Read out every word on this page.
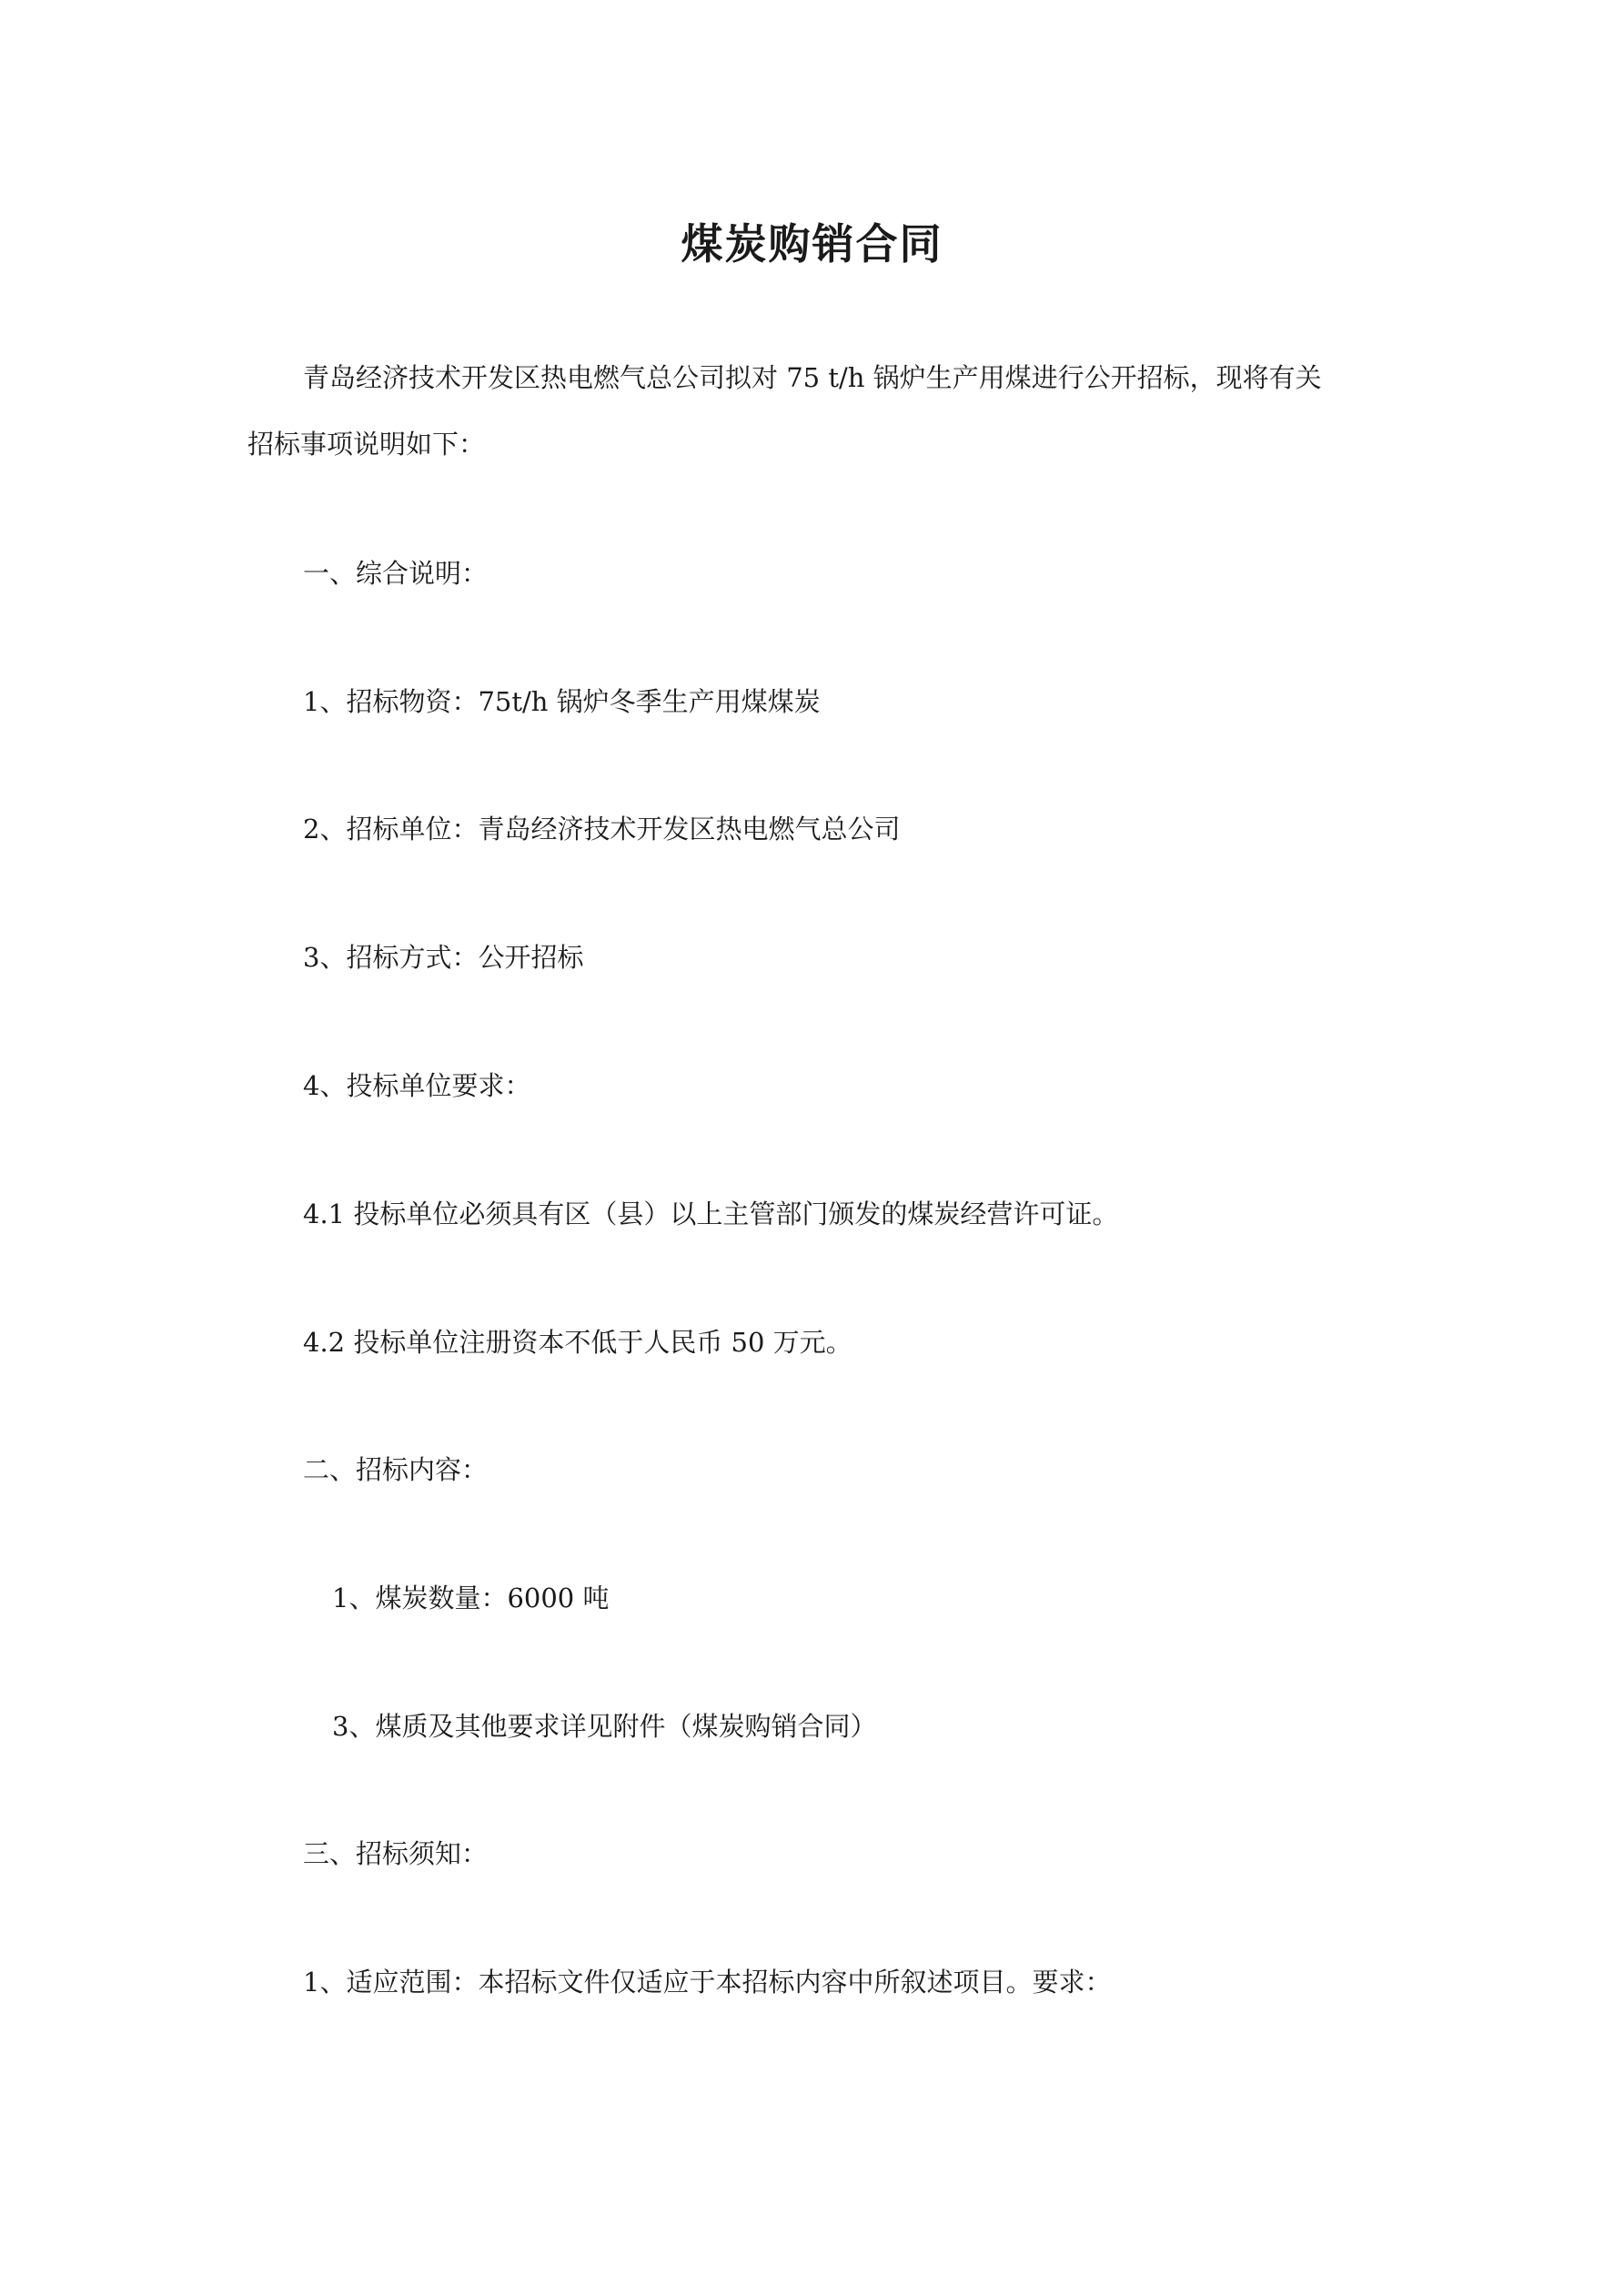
煤炭购销合同

青岛经济技术开发区热电燃气总公司拟对 75 t/h 锅炉生产用煤进行公开招标，现将有关

招标事项说明如下：

一、综合说明：

1、招标物资：75t/h 锅炉冬季生产用煤煤炭

2、招标单位：青岛经济技术开发区热电燃气总公司

3、招标方式：公开招标

4、投标单位要求：

4.1 投标单位必须具有区（县）以上主管部门颁发的煤炭经营许可证。

4.2 投标单位注册资本不低于人民币 50 万元。

二、招标内容：

1、煤炭数量：6000 吨

3、煤质及其他要求详见附件（煤炭购销合同）

三、招标须知：

1、适应范围：本招标文件仅适应于本招标内容中所叙述项目。要求：
